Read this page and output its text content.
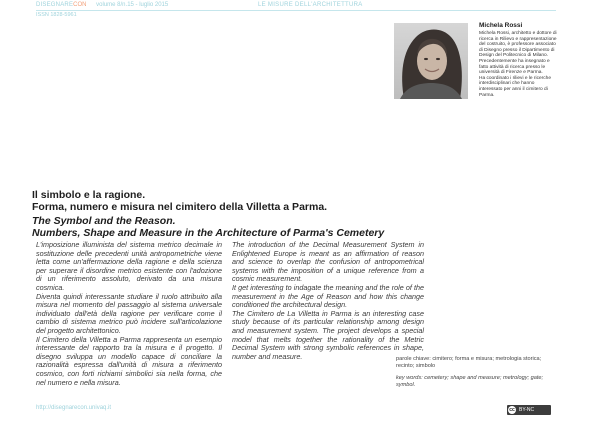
DISEGNARECON volume 8/n.15 - luglio 2015	LE MISURE DELL'ARCHITETTURA
ISSN 1828-5961
Michela Rossi

Michela Rossi, architetto e dottore di ricerca in Rilievo e rappresentazione del costruito, è professore associato di Disegno presso il Dipartimento di Design del Politecnico di Milano.

Precedentemente ha insegnato e fatto attività di ricerca presso le università di Firenze e Parma.

Ha coordinato i rilievi e le ricerche interdisciplinari che hanno interessato per anni il cimitero di Parma.

Il simbolo e la ragione.
Forma, numero e misura nel cimitero della Villetta a Parma.
The Symbol and the Reason.
Numbers, Shape and Measure in the Architecture of Parma's Cemetery

L'imposizione illuminista del sistema metrico decimale in sostituzione delle precedenti unità antropometriche viene letta come un'affermazione della ragione e della scienza per superare il disordine metrico esistente con l'adozione di un riferimento assoluto, derivato da una misura cosmica.

Diventa quindi interessante studiare il ruolo attribuito alla misura nel momento del passaggio al sistema universale individuato dall'età della ragione per verificare come il cambio di sistema metrico può incidere sull'articolazione del progetto architettonico.

Il Cimitero della Villetta a Parma rappresenta un esempio interessante del rapporto tra la misura e il progetto. Il disegno sviluppa un modello capace di conciliare la razionalità espressa dall'unità di misura a riferimento cosmico, con forti richiami simbolici sia nella forma, che nel numero e nella misura.

The introduction of the Decimal Measurement System in Enlightened Europe is meant as an affirmation of reason and science to overlap the confusion of antropometrical systems with the imposition of a unique reference from a cosmic measurement.

It get interesting to indagate the meaning and the role of the measurement in the Age of Reason and how this change conditioned the architectural design.

The Cimitero de La Villetta in Parma is an interesting case study because of its particular relationship among design and measurement system. The project develops a special model that melts together the rationality of the Metric Decimal System with strong symbolic references in shape, number and measure.	parole chiave: cimitero; forma e misura; metrologia storica; recinto; simbolo

key words: cemetery; shape and measure; metrology; gate; symbol.

http://disegnarecon.univaq.it	cc BY-NC
